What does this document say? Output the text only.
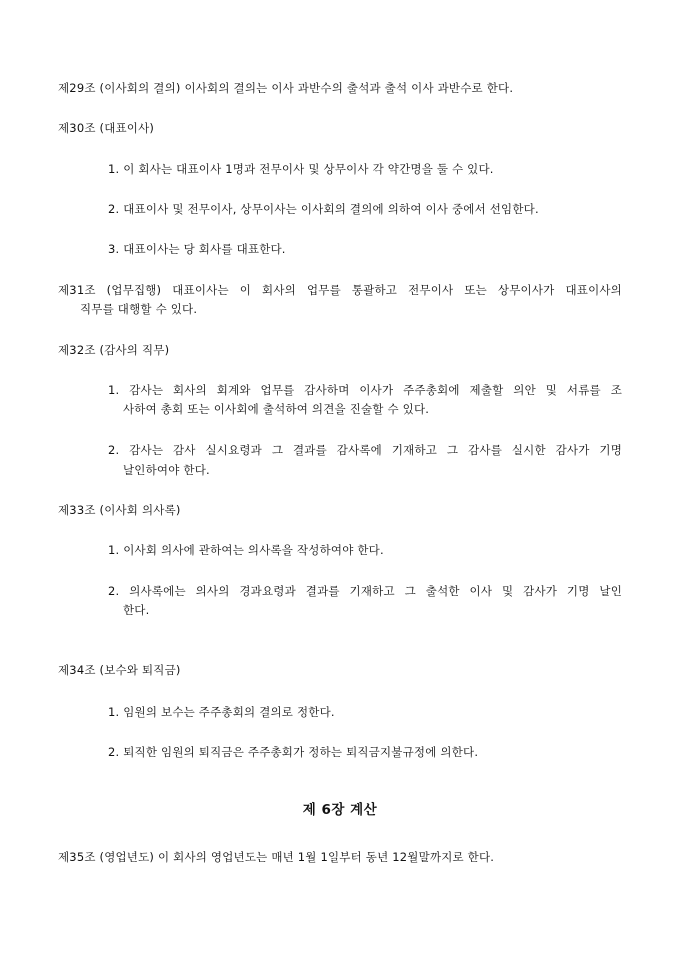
제29조 (이사회의 결의) 이사회의 결의는 이사 과반수의 출석과 출석 이사 과반수로 한다.
제30조 (대표이사)
1. 이 회사는 대표이사 1명과 전무이사 및 상무이사 각 약간명을 둘 수 있다.
2. 대표이사 및 전무이사, 상무이사는 이사회의 결의에 의하여 이사 중에서 선임한다.
3. 대표이사는 당 회사를 대표한다.
제31조 (업무집행) 대표이사는 이 회사의 업무를 통괄하고 전무이사 또는 상무이사가 대표이사의
직무를 대행할 수 있다.
제32조 (감사의 직무)
1. 감사는 회사의 회계와 업무를 감사하며 이사가 주주총회에 제출할 의안 및 서류를 조
사하여 총회 또는 이사회에 출석하여 의견을 진술할 수 있다.
2. 감사는 감사 실시요령과 그 결과를 감사록에 기재하고 그 감사를 실시한 감사가 기명
날인하여야 한다.
제33조 (이사회 의사록)
1. 이사회 의사에 관하여는 의사록을 작성하여야 한다.
2. 의사록에는 의사의 경과요령과 결과를 기재하고 그 출석한 이사 및 감사가 기명 날인
한다.
제34조 (보수와 퇴직금)
1. 임원의 보수는 주주총회의 결의로 정한다.
2. 퇴직한 임원의 퇴직금은 주주총회가 정하는 퇴직금지불규정에 의한다.
제 6장 계산
제35조 (영업년도) 이 회사의 영업년도는 매년 1월 1일부터 동년 12월말까지로 한다.
